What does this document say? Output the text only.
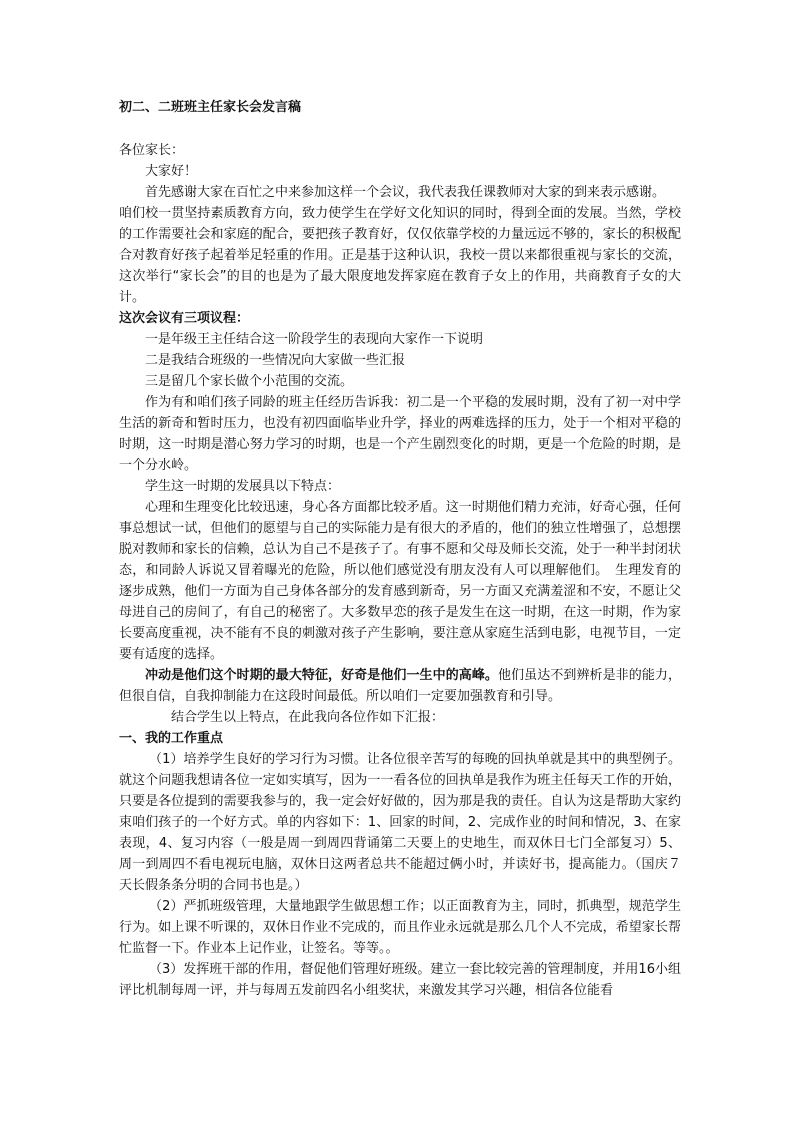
初二、二班班主任家长会发言稿

各位家长：

大家好！

首先感谢大家在百忙之中来参加这样一个会议，我代表我任课教师对大家的到来表示感谢。

咱们校一贯坚持素质教育方向，致力使学生在学好文化知识的同时，得到全面的发展。当然，学校的工作需要社会和家庭的配合，要把孩子教育好，仅仅依靠学校的力量远远不够的，家长的积极配合对教育好孩子起着举足轻重的作用。正是基于这种认识，我校一贯以来都很重视与家长的交流，这次举行“家长会”的目的也是为了最大限度地发挥家庭在教育子女上的作用，共商教育子女的大计。

这次会议有三项议程：

一是年级王主任结合这一阶段学生的表现向大家作一下说明

二是我结合班级的一些情况向大家做一些汇报

三是留几个家长做个小范围的交流。

作为有和咱们孩子同龄的班主任经历告诉我：初二是一个平稳的发展时期，没有了初一对中学生活的新奇和暂时压力，也没有初四面临毕业升学，择业的两难选择的压力，处于一个相对平稳的时期，这一时期是潜心努力学习的时期，也是一个产生剧烈变化的时期，更是一个危险的时期，是一个分水岭。

学生这一时期的发展具以下特点：

心理和生理变化比较迅速，身心各方面都比较矛盾。这一时期他们精力充沛，好奇心强，任何事总想试一试，但他们的愿望与自己的实际能力是有很大的矛盾的，他们的独立性增强了，总想摆脱对教师和家长的信赖，总认为自己不是孩子了。有事不愿和父母及师长交流，处于一种半封闭状态，和同龄人诉说又冒着曝光的危险，所以他们感觉没有朋友没有人可以理解他们。　生理发育的逐步成熟，他们一方面为自己身体各部分的发育感到新奇，另一方面又充满羞涩和不安，不愿让父母进自己的房间了，有自己的秘密了。大多数早恋的孩子是发生在这一时期，在这一时期，作为家长要高度重视，决不能有不良的刺激对孩子产生影响，要注意从家庭生活到电影，电视节目，一定要有适度的选择。

冲动是他们这个时期的最大特征，好奇是他们一生中的高峰。他们虽达不到辨析是非的能力，但很自信，自我抑制能力在这段时间最低。所以咱们一定要加强教育和引导。

结合学生以上特点，在此我向各位作如下汇报：

一、我的工作重点

（1）培养学生良好的学习行为习惯。让各位很辛苦写的每晚的回执单就是其中的典型例子。就这个问题我想请各位一定如实填写，因为一一看各位的回执单是我作为班主任每天工作的开始，只要是各位提到的需要我参与的，我一定会好好做的，因为那是我的责任。自认为这是帮助大家约束咱们孩子的一个好方式。单的内容如下：1、回家的时间，2、完成作业的时间和情况，3、在家表现，4、复习内容（一般是周一到周四背诵第二天要上的史地生，而双休日七门全部复习）5、周一到周四不看电视玩电脑，双休日这两者总共不能超过俩小时，并读好书，提高能力。（国庆７天长假条条分明的合同书也是。）

（2）严抓班级管理，大量地跟学生做思想工作；以正面教育为主，同时，抓典型，规范学生行为。如上课不听课的，双休日作业不完成的，而且作业永远就是那么几个人不完成，希望家长帮忙监督一下。作业本上记作业，让签名。等等。。

（3）发挥班干部的作用，督促他们管理好班级。建立一套比较完善的管理制度，并用16小组评比机制每周一评，并与每周五发前四名小组奖状，来激发其学习兴趣，相信各位能看
